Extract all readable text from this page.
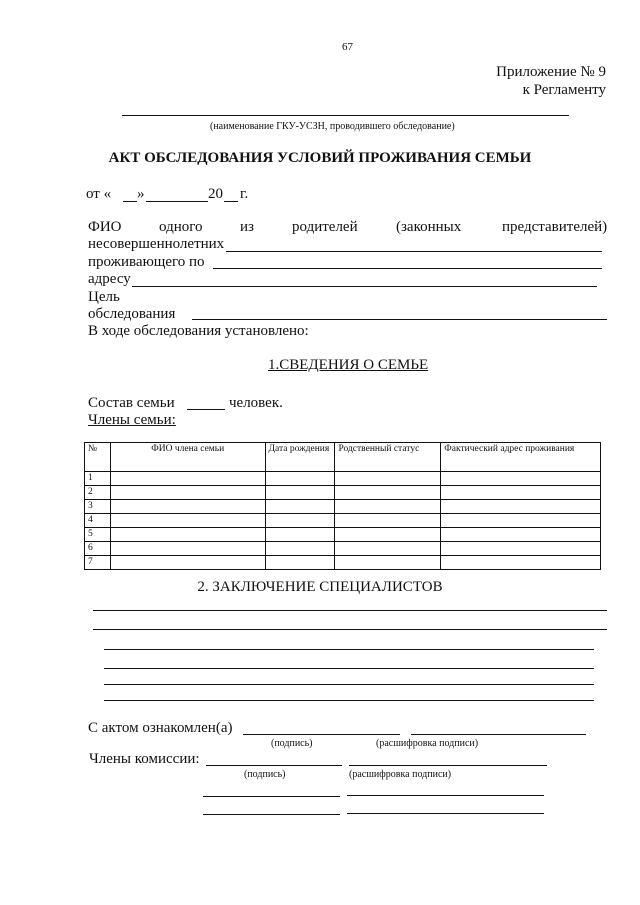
67
Приложение № 9
к Регламенту
(наименование ГКУ-УСЗН, проводившего обследование)
АКТ ОБСЛЕДОВАНИЯ УСЛОВИЙ ПРОЖИВАНИЯ СЕМЬИ
от « »	20 г.
ФИО одного из	родителей	(законных	представителей)
несовершеннолетних
проживающего по
адресу
Цель
обследования
В ходе обследования установлено:
1.СВЕДЕНИЯ О СЕМЬЕ
Состав семьи	человек.
Члены семьи:
№	ФИО члена семьи	Дата рождения	Родственный статус	Фактический адрес проживания
1				
2				
3				
4				
5				
6				
7				
2. ЗАКЛЮЧЕНИЕ СПЕЦИАЛИСТОВ
С актом ознакомлен(а)
(подпись)	(расшифровка подписи)
Члены комиссии:
(подпись)	(расшифровка подписи)
